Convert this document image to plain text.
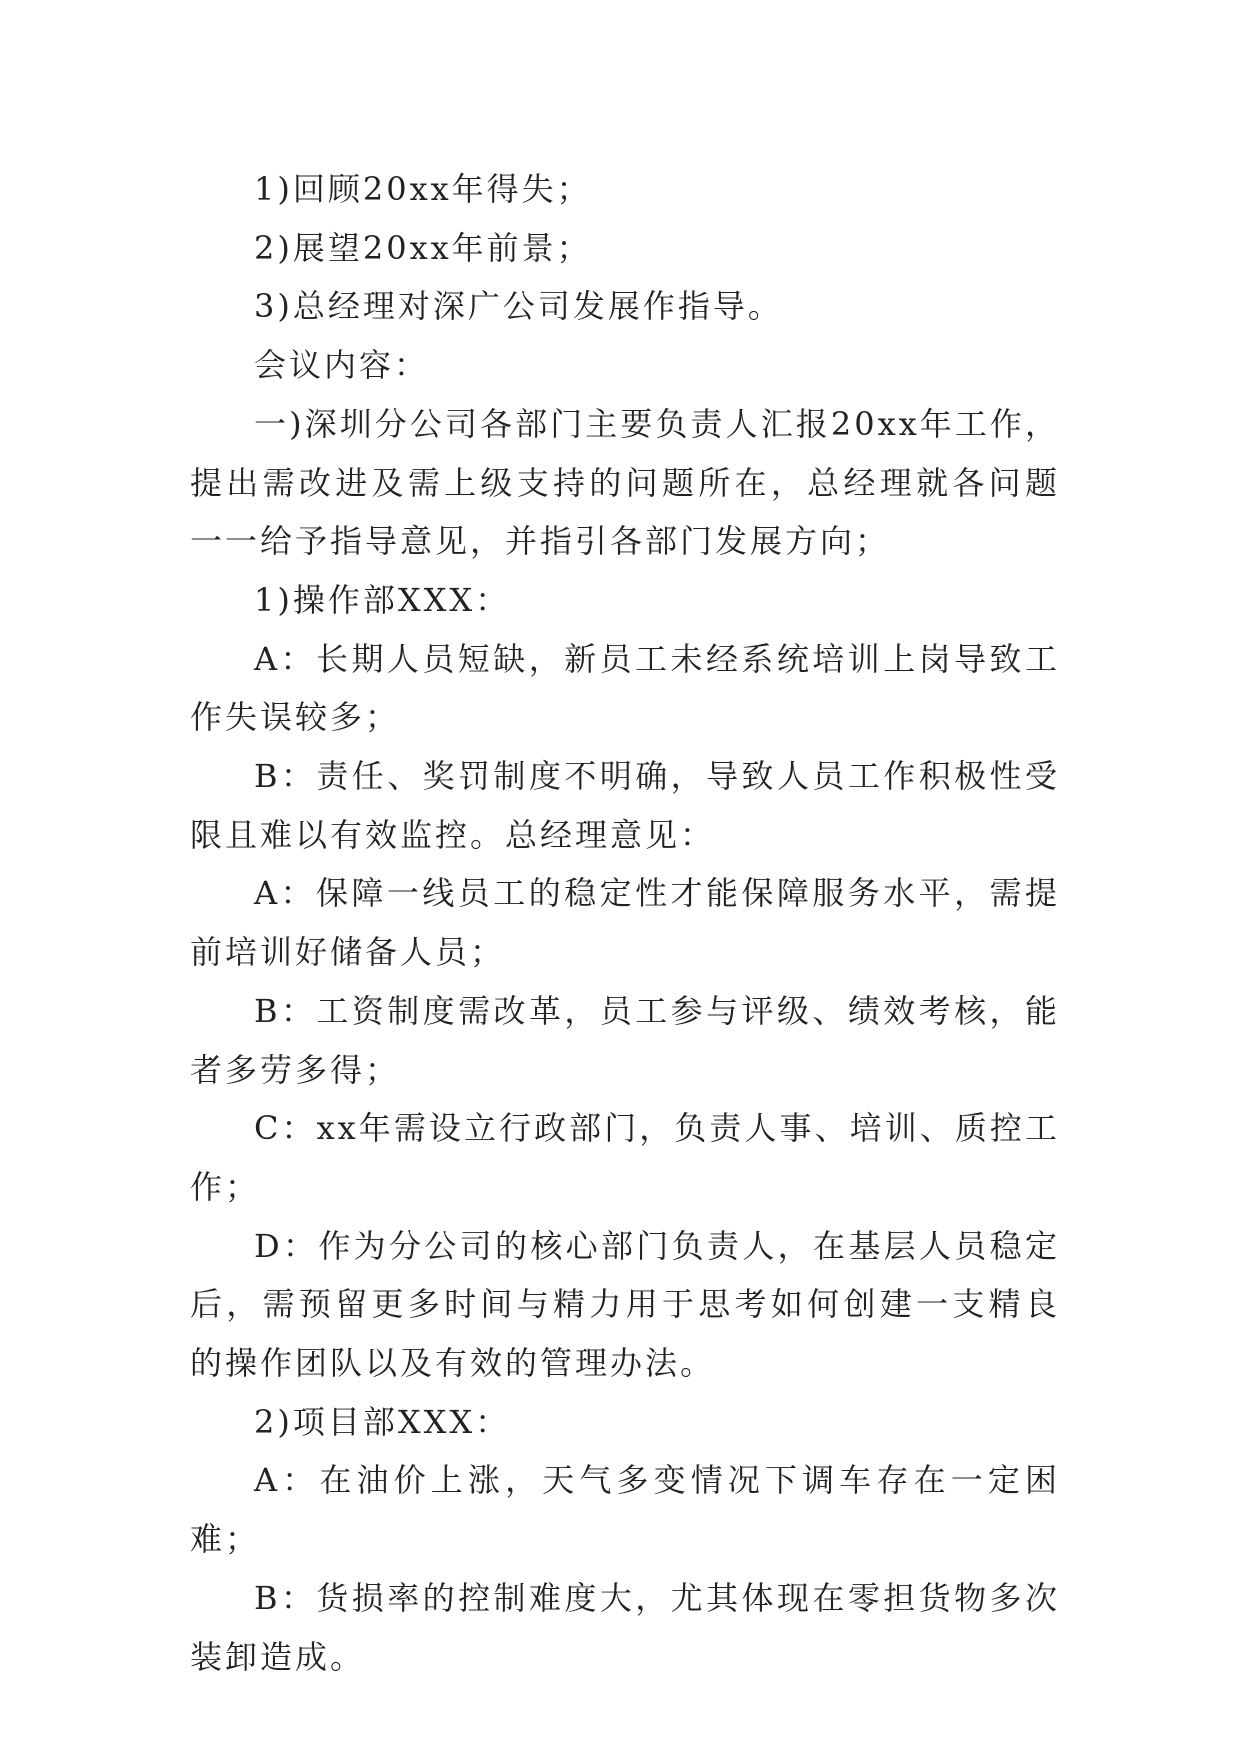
1)回顾20xx年得失；

2)展望20xx年前景；

3)总经理对深广公司发展作指导。

会议内容：

一)深圳分公司各部门主要负责人汇报20xx年工作，提出需改进及需上级支持的问题所在，总经理就各问题一一给予指导意见，并指引各部门发展方向；

1)操作部XXX：

A：长期人员短缺，新员工未经系统培训上岗导致工作失误较多；

B：责任、奖罚制度不明确，导致人员工作积极性受限且难以有效监控。总经理意见：

A：保障一线员工的稳定性才能保障服务水平，需提前培训好储备人员；

B：工资制度需改革，员工参与评级、绩效考核，能者多劳多得；

C：xx年需设立行政部门，负责人事、培训、质控工作；

D：作为分公司的核心部门负责人，在基层人员稳定后，需预留更多时间与精力用于思考如何创建一支精良的操作团队以及有效的管理办法。

2)项目部XXX：

A：在油价上涨，天气多变情况下调车存在一定困难；

B：货损率的控制难度大，尤其体现在零担货物多次装卸造成。
